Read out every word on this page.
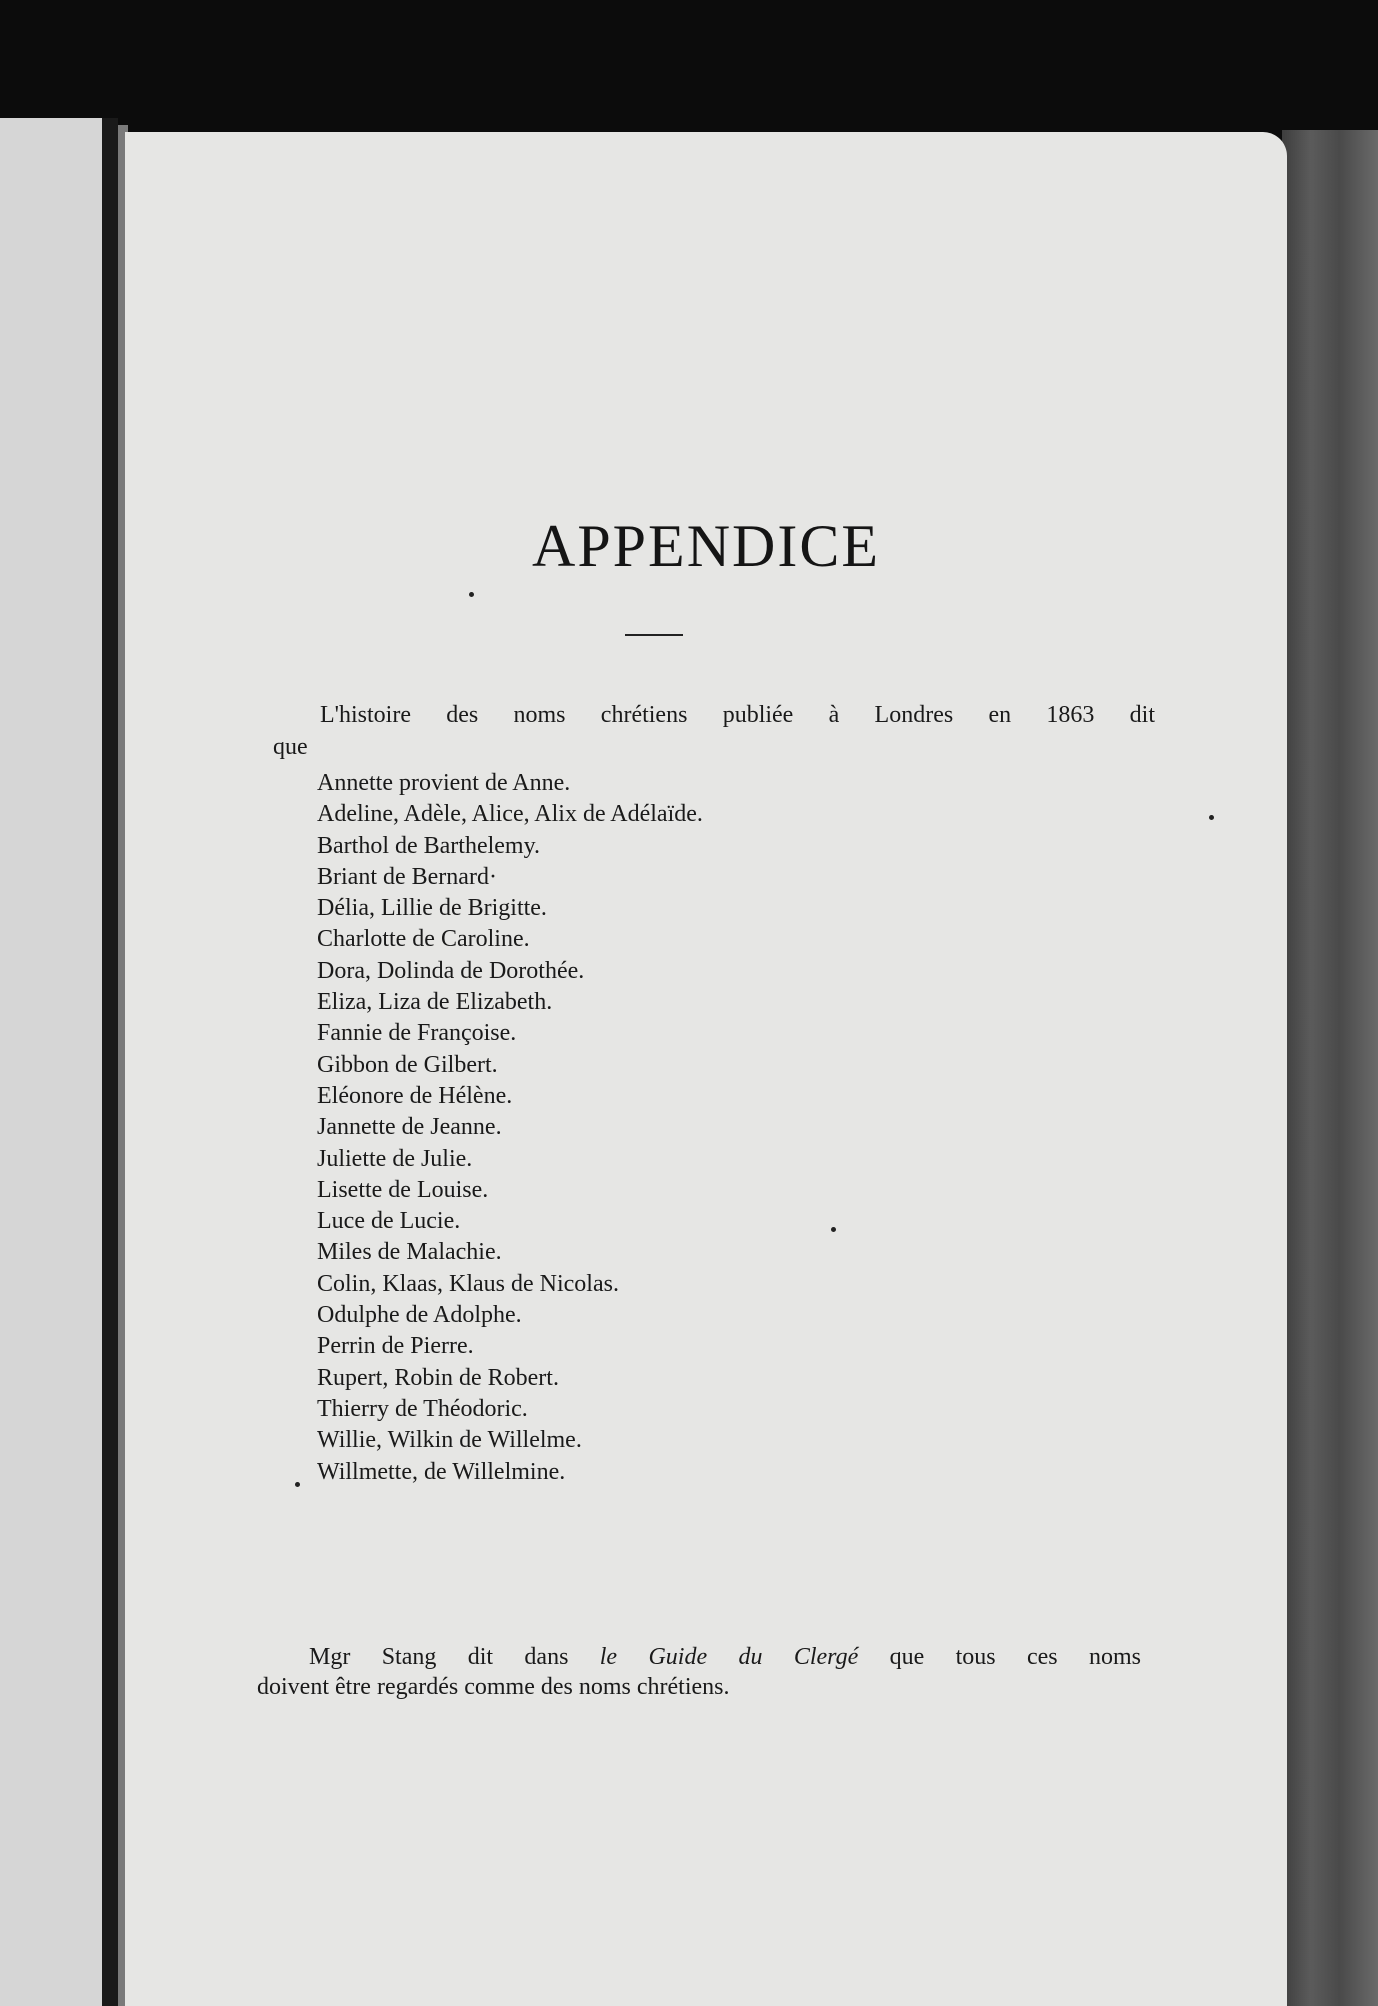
APPENDICE

L'histoire des noms chrétiens publiée à Londres en 1863 dit
que

Annette provient de Anne.
Adeline, Adèle, Alice, Alix de Adélaïde.
Barthol de Barthelemy.
Briant de Bernard·
Délia, Lillie de Brigitte.
Charlotte de Caroline.
Dora, Dolinda de Dorothée.
Eliza, Liza de Elizabeth.
Fannie de Françoise.
Gibbon de Gilbert.
Eléonore de Hélène.
Jannette de Jeanne.
Juliette de Julie.
Lisette de Louise.
Luce de Lucie.
Miles de Malachie.
Colin, Klaas, Klaus de Nicolas.
Odulphe de Adolphe.
Perrin de Pierre.
Rupert, Robin de Robert.
Thierry de Théodoric.
Willie, Wilkin de Willelme.
Willmette, de Willelmine.

Mgr Stang dit dans le Guide du Clergé que tous ces noms
doivent être regardés comme des noms chrétiens.
